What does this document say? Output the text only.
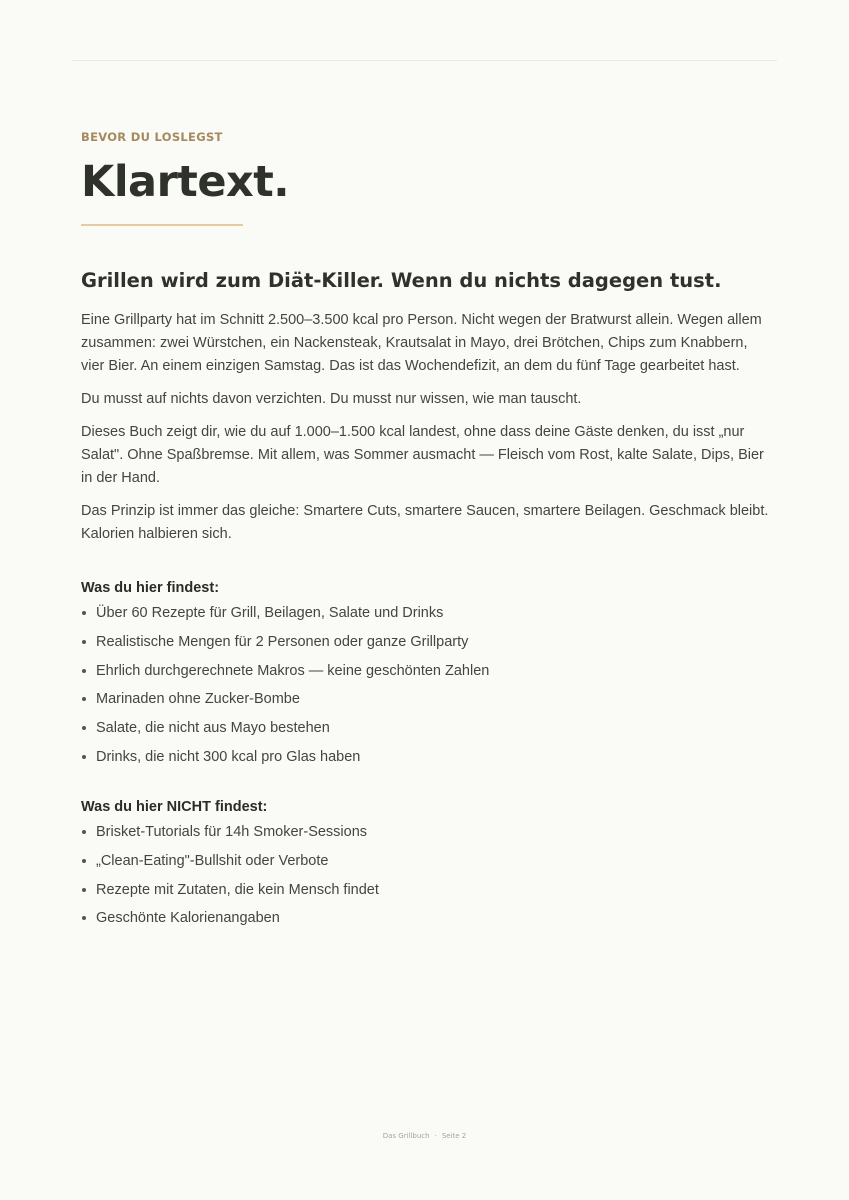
BEVOR DU LOSLEGST

Klartext.
Grillen wird zum Diät-Killer. Wenn du nichts dagegen tust.

Eine Grillparty hat im Schnitt 2.500–3.500 kcal pro Person. Nicht wegen der Bratwurst allein. Wegen allem zusammen: zwei Würstchen, ein Nackensteak, Krautsalat in Mayo, drei Brötchen, Chips zum Knabbern, vier Bier. An einem einzigen Samstag. Das ist das Wochendefizit, an dem du fünf Tage gearbeitet hast.

Du musst auf nichts davon verzichten. Du musst nur wissen, wie man tauscht.

Dieses Buch zeigt dir, wie du auf 1.000–1.500 kcal landest, ohne dass deine Gäste denken, du isst „nur Salat". Ohne Spaßbremse. Mit allem, was Sommer ausmacht — Fleisch vom Rost, kalte Salate, Dips, Bier in der Hand.

Das Prinzip ist immer das gleiche: Smartere Cuts, smartere Saucen, smartere Beilagen. Geschmack bleibt. Kalorien halbieren sich.

Was du hier findest:
Über 60 Rezepte für Grill, Beilagen, Salate und Drinks
Realistische Mengen für 2 Personen oder ganze Grillparty
Ehrlich durchgerechnete Makros — keine geschönten Zahlen
Marinaden ohne Zucker-Bombe
Salate, die nicht aus Mayo bestehen
Drinks, die nicht 300 kcal pro Glas haben
Was du hier NICHT findest:
Brisket-Tutorials für 14h Smoker-Sessions
„Clean-Eating"-Bullshit oder Verbote
Rezepte mit Zutaten, die kein Mensch findet
Geschönte Kalorienangaben
Das Grillbuch · Seite 2
